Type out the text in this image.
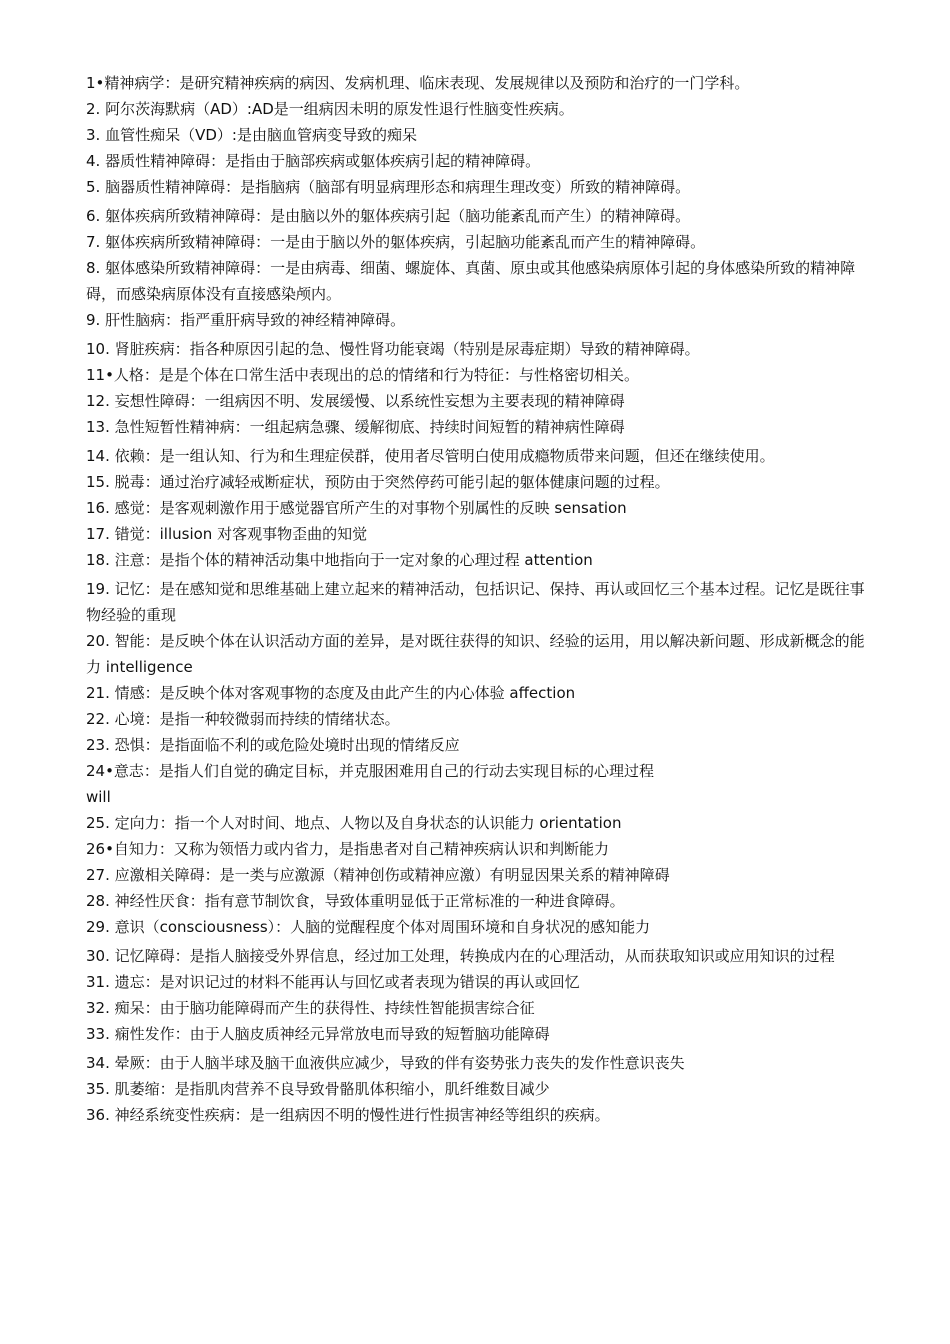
1•精神病学：是研究精神疾病的病因、发病机理、临床表现、发展规律以及预防和治疗的一门学科。

2. 阿尔茨海默病（AD）:AD是一组病因未明的原发性退行性脑变性疾病。

3. 血管性痴呆（VD）:是由脑血管病变导致的痴呆

4. 器质性精神障碍：是指由于脑部疾病或躯体疾病引起的精神障碍。

5. 脑器质性精神障碍：是指脑病（脑部有明显病理形态和病理生理改变）所致的精神障碍。

6. 躯体疾病所致精神障碍：是由脑以外的躯体疾病引起（脑功能紊乱而产生）的精神障碍。

7. 躯体疾病所致精神障碍：一是由于脑以外的躯体疾病，引起脑功能紊乱而产生的精神障碍。

8. 躯体感染所致精神障碍：一是由病毒、细菌、螺旋体、真菌、原虫或其他感染病原体引起的身体感染所致的精神障碍，而感染病原体没有直接感染颅内。

9. 肝性脑病：指严重肝病导致的神经精神障碍。

10. 肾脏疾病：指各种原因引起的急、慢性肾功能衰竭（特别是尿毒症期）导致的精神障碍。

11•人格：是是个体在口常生活中表现出的总的情绪和行为特征：与性格密切相关。

12. 妄想性障碍：一组病因不明、发展缓慢、以系统性妄想为主要表现的精神障碍

13. 急性短暂性精神病：一组起病急骤、缓解彻底、持续时间短暂的精神病性障碍

14. 依赖：是一组认知、行为和生理症侯群，使用者尽管明白使用成瘾物质带来问题，但还在继续使用。

15. 脱毒：通过治疗减轻戒断症状，预防由于突然停药可能引起的躯体健康问题的过程。

16. 感觉：是客观刺激作用于感觉器官所产生的对事物个别属性的反映 sensation

17. 错觉：illusion 对客观事物歪曲的知觉

18. 注意：是指个体的精神活动集中地指向于一定对象的心理过程 attention

19. 记忆：是在感知觉和思维基础上建立起来的精神活动，包括识记、保持、再认或回忆三个基本过程。记忆是既往事物经验的重现

20. 智能：是反映个体在认识活动方面的差异，是对既往获得的知识、经验的运用，用以解决新问题、形成新概念的能力 intelligence

21. 情感：是反映个体对客观事物的态度及由此产生的内心体验 affection

22. 心境：是指一种较微弱而持续的情绪状态。

23. 恐惧：是指面临不利的或危险处境时出现的情绪反应

24•意志：是指人们自觉的确定目标，并克服困难用自己的行动去实现目标的心理过程

will

25. 定向力：指一个人对时间、地点、人物以及自身状态的认识能力 orientation

26•自知力：又称为领悟力或内省力，是指患者对自己精神疾病认识和判断能力

27. 应激相关障碍：是一类与应激源（精神创伤或精神应激）有明显因果关系的精神障碍

28. 神经性厌食：指有意节制饮食，导致体重明显低于正常标准的一种进食障碍。

29. 意识（consciousness）：人脑的觉醒程度个体对周围环境和自身状况的感知能力

30. 记忆障碍：是指人脑接受外界信息，经过加工处理，转换成内在的心理活动，从而获取知识或应用知识的过程

31. 遗忘：是对识记过的材料不能再认与回忆或者表现为错误的再认或回忆

32. 痴呆：由于脑功能障碍而产生的获得性、持续性智能损害综合征

33. 痫性发作：由于人脑皮质神经元异常放电而导致的短暂脑功能障碍

34. 晕厥：由于人脑半球及脑干血液供应减少，导致的伴有姿势张力丧失的发作性意识丧失

35. 肌萎缩：是指肌肉营养不良导致骨骼肌体积缩小，肌纤维数目减少

36. 神经系统变性疾病：是一组病因不明的慢性进行性损害神经等组织的疾病。
